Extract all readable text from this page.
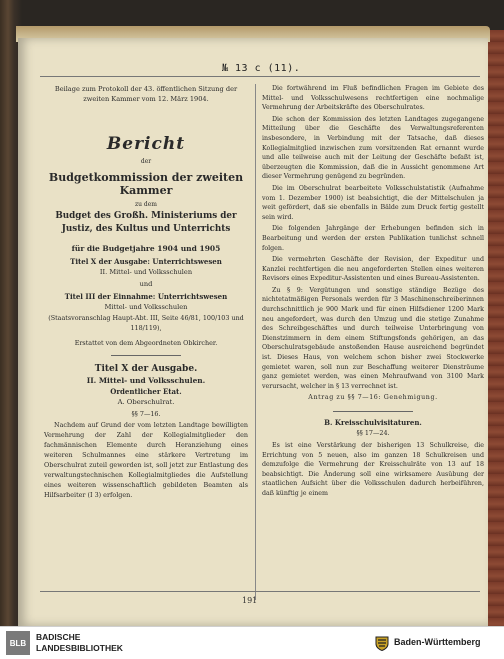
№ 13 c (11).
Beilage zum Protokoll der 43. öffentlichen Sitzung der zweiten Kammer vom 12. März 1904.
Bericht
der
Budgetkommission der zweiten Kammer
zu dem
Budget des Großh. Ministeriums der Justiz, des Kultus und Unterrichts
für die Budgetjahre 1904 und 1905
Titel X der Ausgabe: Unterrichtswesen
II. Mittel- und Volksschulen
und
Titel III der Einnahme: Unterrichtswesen
Mittel- und Volksschulen
(Staatsvoranschlag Haupt-Abt. III, Seite 46/81, 100/103 und 118/119),
Erstattet von dem Abgeordneten Obkircher.
Titel X der Ausgabe.
II. Mittel- und Volksschulen.
Ordentlicher Etat.
A. Oberschulrat.
§§ 7—16.
Nachdem auf Grund der vom letzten Landtage bewilligten Vermehrung der Zahl der Kollegialmitglieder den fachmännischen Elemente durch Heranziehung eines weiteren Schulmannes eine stärkere Vertretung im Oberschulrat zuteil geworden ist, soll jetzt zur Entlastung des verwaltungstechnischen Kollegialmitgliedes die Aufstellung eines weiteren wissenschaftlich gebildeten Beamten als Hilfsarbeiter (I 3) erfolgen.
Die fortwährend im Fluß befindlichen Fragen im Gebiete des Mittel- und Volksschulwesens rechtfertigen eine nochmalige Vermehrung der Arbeitskräfte des Oberschulrates.
Die schon der Kommission des letzten Landtages zugegangene Mitteilung über die Geschäfte des Verwaltungsreferenten insbesondere, in Verbindung mit der Tatsache, daß dieses Kollegialmitglied inzwischen zum vorsitzenden Rat ernannt wurde und alle teilweise auch mit der Leitung der Geschäfte befaßt ist, überzeugten die Kommission, daß die in Aussicht genommene Art dieser Vermehrung genügend zu begründen.
Die im Oberschulrat bearbeitete Volksschulstatistik (Aufnahme vom 1. Dezember 1900) ist beabsichtigt, die der Mittelschulen ja weit gefördert, daß sie ebenfalls in Bälde zum Druck fertig gestellt sein wird.
Die folgenden Jahrgänge der Erhebungen befinden sich in Bearbeitung und werden der ersten Publikation tunlichst schnell folgen.
Die vermehrten Geschäfte der Revision, der Expeditur und Kanzlei rechtfertigen die neu angeforderten Stellen eines weiteren Revisors eines Expeditur-Assistenten und eines Bureau-Assistenten.
Zu § 9: Vergütungen und sonstige ständige Bezüge des nichtetatmäßigen Personals werden für 3 Maschinenschreiberinnen durchschnittlich je 900 Mark und für einen Hilfsdiener 1200 Mark neu angefordert, was durch den Umzug und die stetige Zunahme des Schreibgeschäftes und durch teilweise Unterbringung von Dienstzimmern in dem einem Stiftungsfonds gehörigen, an das Oberschulratsgebäude anstoßenden Hause ausreichend begründet ist. Dieses Haus, von welchem schon bisher zwei Stockwerke gemietet waren, soll nun zur Beschaffung weiterer Diensträume ganz gemietet werden, was einen Mehraufwand von 3100 Mark verursacht, welcher in § 13 verrechnet ist.
Antrag zu §§ 7—16: Genehmigung.
B. Kreisschulvisitaturen.
§§ 17—24.
Es ist eine Verstärkung der bisherigen 13 Schulkreise, die Errichtung von 5 neuen, also im ganzen 18 Schulkreisen und demzufolge die Vermehrung der Kreisschulräte von 13 auf 18 beabsichtigt. Die Änderung soll eine wirksamere Ausübung der staatlichen Aufsicht über die Volksschulen dadurch herbeiführen, daß künftig je einem
191
BLB
BADISCHE
LANDESBIBLIOTHEK
Baden-Württemberg
